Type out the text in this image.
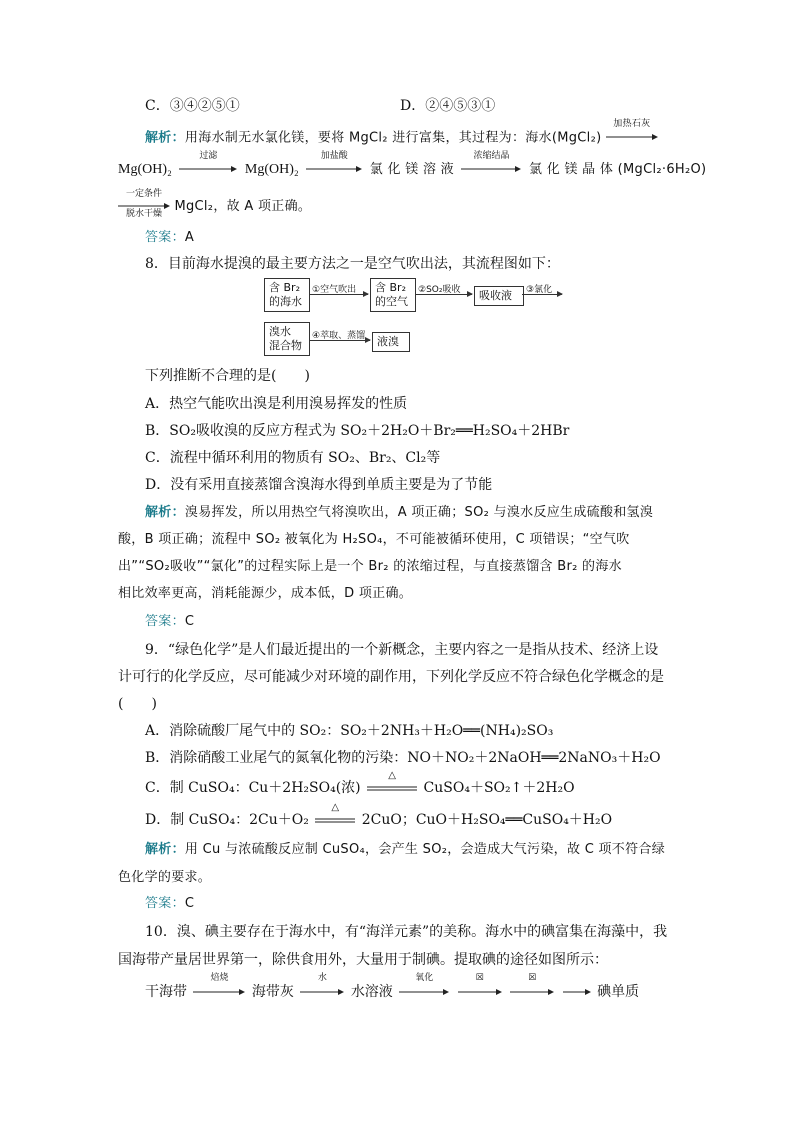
C．③④②⑤①	D．②④⑤③①
解析：用海水制无水氯化镁，要将 MgCl₂ 进行富集，其过程为：海水(MgCl₂)
加热石灰
Mg(OH)₂
过滤
Mg(OH)₂
加盐酸
氯 化 镁 溶 液
浓缩结晶
氯 化 镁 晶 体 (MgCl₂·6H₂O)
一定条件
脱水干燥 MgCl₂，故 A 项正确。
答案：A
8．目前海水提溴的最主要方法之一是空气吹出法，其流程图如下：
含 Br₂
的海水
①空气吹出	含 Br₂
的空气
②SO₂吸收	吸收液	③氯化
溴水
混合物
④萃取、蒸馏	液溴
下列推断不合理的是(　　)
A．热空气能吹出溴是利用溴易挥发的性质
B．SO₂吸收溴的反应方程式为 SO₂＋2H₂O＋Br₂══H₂SO₄＋2HBr
C．流程中循环利用的物质有 SO₂、Br₂、Cl₂等
D．没有采用直接蒸馏含溴海水得到单质主要是为了节能
解析：溴易挥发，所以用热空气将溴吹出，A 项正确；SO₂ 与溴水反应生成硫酸和氢溴
酸，B 项正确；流程中 SO₂ 被氧化为 H₂SO₄，不可能被循环使用，C 项错误；“空气吹
出”“SO₂吸收”“氯化”的过程实际上是一个 Br₂ 的浓缩过程，与直接蒸馏含 Br₂ 的海水
相比效率更高，消耗能源少，成本低，D 项正确。
答案：C
9．“绿色化学”是人们最近提出的一个新概念，主要内容之一是指从技术、经济上设
计可行的化学反应，尽可能减少对环境的副作用，下列化学反应不符合绿色化学概念的是
(　　)
A．消除硫酸厂尾气中的 SO₂：SO₂＋2NH₃＋H₂O══(NH₄)₂SO₃
B．消除硝酸工业尾气的氮氧化物的污染：NO＋NO₂＋2NaOH══2NaNO₃＋H₂O
C．制 CuSO₄：Cu＋2H₂SO₄(浓)
△
CuSO₄＋SO₂↑＋2H₂O
D．制 CuSO₄：2Cu＋O₂
△
2CuO；CuO＋H₂SO₄══CuSO₄＋H₂O
解析：用 Cu 与浓硫酸反应制 CuSO₄，会产生 SO₂，会造成大气污染，故 C 项不符合绿
色化学的要求。
答案：C
10．溴、碘主要存在于海水中，有“海洋元素”的美称。海水中的碘富集在海藻中，我
国海带产量居世界第一，除供食用外，大量用于制碘。提取碘的途径如图所示：
干海带
焙烧
海带灰
水
水溶液
氧化
	☒
	☒
→ 碘单质
